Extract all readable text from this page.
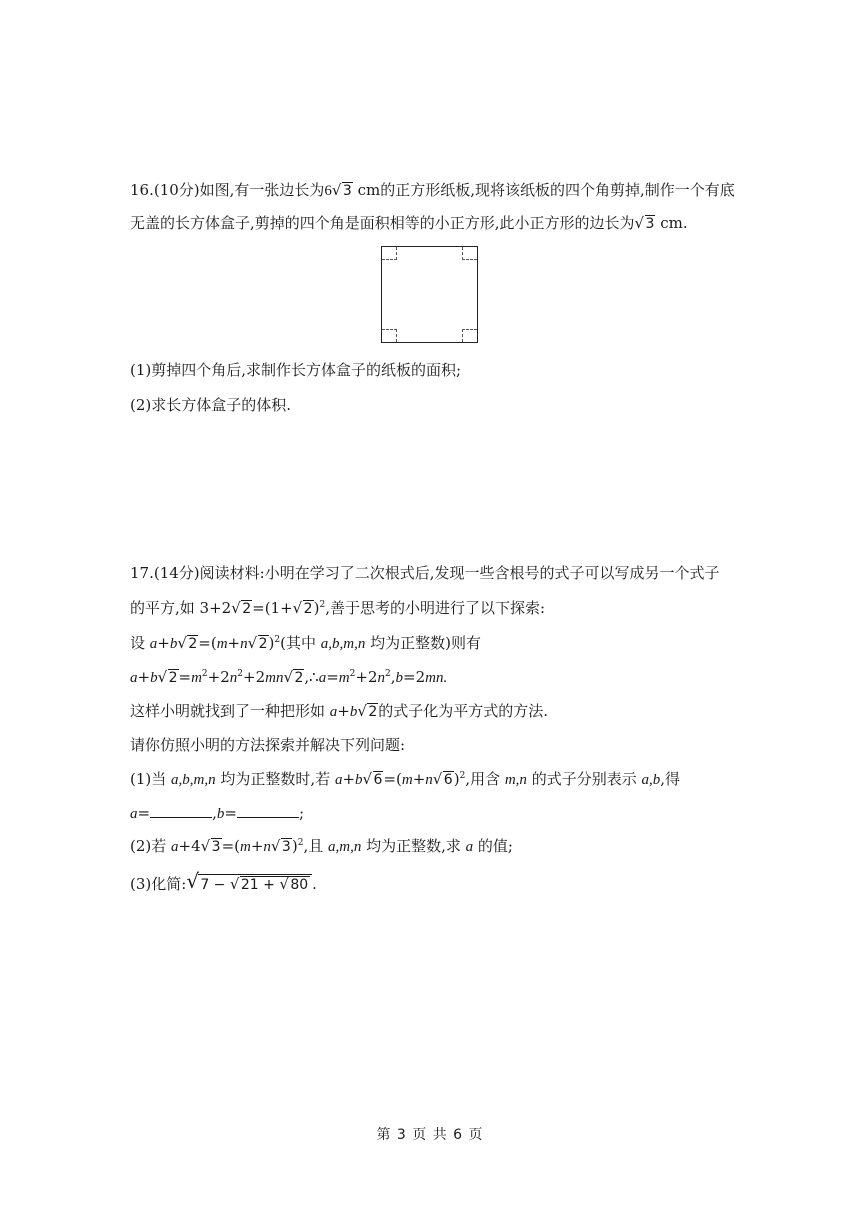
16.(10分)如图,有一张边长为6√ 3 cm的正方形纸板,现将该纸板的四个角剪掉,制作一个有底
无盖的长方体盒子,剪掉的四个角是面积相等的小正方形,此小正方形的边长为√ 3 cm.
(1)剪掉四个角后,求制作长方体盒子的纸板的面积;
(2)求长方体盒子的体积.
17.(14分)阅读材料:小明在学习了二次根式后,发现一些含根号的式子可以写成另一个式子
的平方,如 3+2√ 2=(1+√ 2)$^2$,善于思考的小明进行了以下探索:
设 a+b√ 2=(m+n√ 2)$^2$(其中 a,b,m,n 均为正整数)则有
a+b√ $2=m^2+2n^2+2mn√$ $2,\therefore a=m^2+2n^2,b=2mn$.
这样小明就找到了一种把形如 a+b√ 2的式子化为平方式的方法.
请你仿照小明的方法探索并解决下列问题:
(1)当 a,b,m,n 均为正整数时,若 a+b√ 6=(m+n√ 6)$^2$,用含 m,n 的式子分别表示 a,b,得
a=	,b=	;
(2)若 a+4√ 3=(m+n√ 3)$^2$,且 a,m,n 均为正整数,求 a 的值;
(3)化简:√ 7 − √ 21 + √ 80 .
第 3 页 共 6 页
